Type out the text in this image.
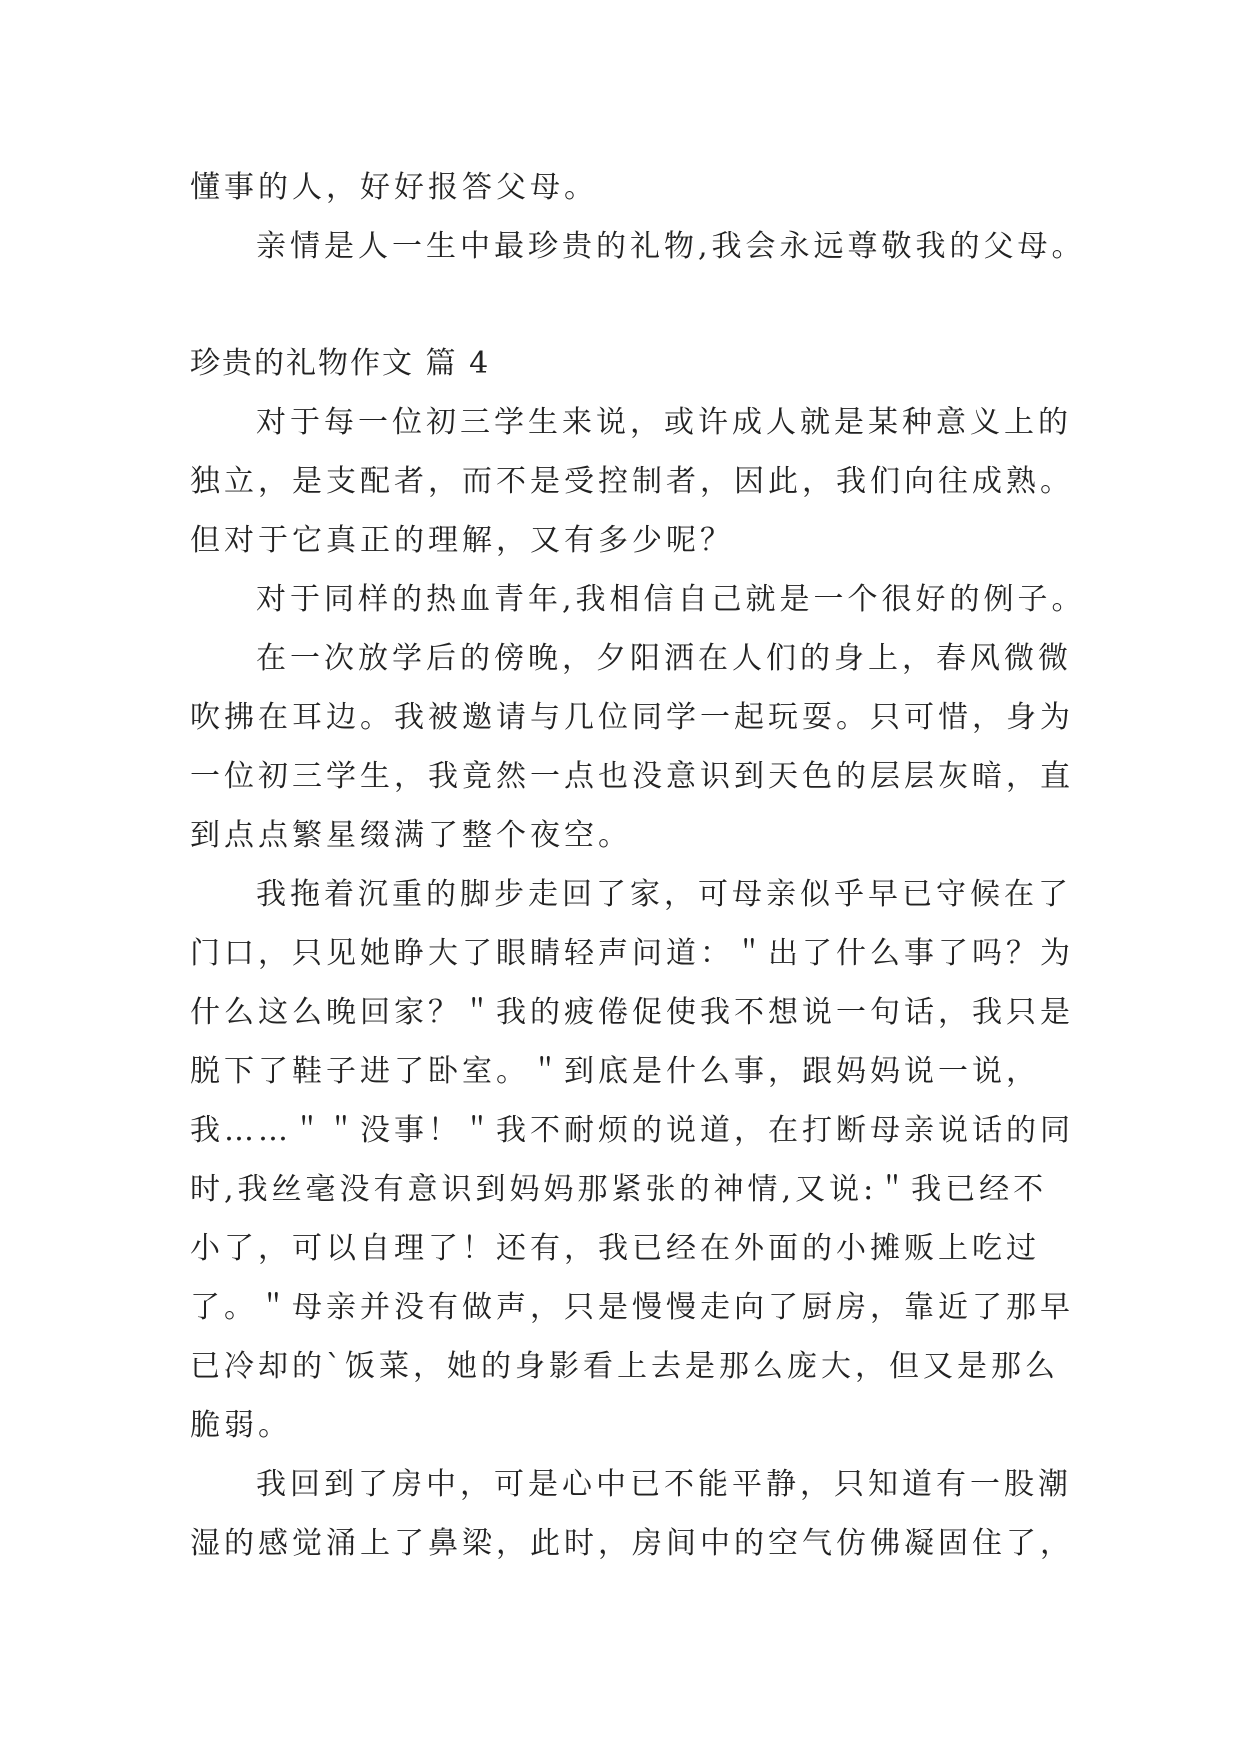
懂事的人，好好报答父母。
亲情是人一生中最珍贵的礼物,我会永远尊敬我的父母。
珍贵的礼物作文 篇 4
对于每一位初三学生来说，或许成人就是某种意义上的
独立，是支配者，而不是受控制者，因此，我们向往成熟。
但对于它真正的理解，又有多少呢？
对于同样的热血青年,我相信自己就是一个很好的例子。
在一次放学后的傍晚，夕阳洒在人们的身上，春风微微
吹拂在耳边。我被邀请与几位同学一起玩耍。只可惜，身为
一位初三学生，我竟然一点也没意识到天色的层层灰暗，直
到点点繁星缀满了整个夜空。
我拖着沉重的脚步走回了家，可母亲似乎早已守候在了
门口，只见她睁大了眼睛轻声问道：＂出了什么事了吗？为
什么这么晚回家？＂我的疲倦促使我不想说一句话，我只是
脱下了鞋子进了卧室。＂到底是什么事，跟妈妈说一说，
我……＂＂没事！＂我不耐烦的说道，在打断母亲说话的同
时,我丝毫没有意识到妈妈那紧张的神情,又说:＂我已经不
小了，可以自理了！还有，我已经在外面的小摊贩上吃过
了。＂母亲并没有做声，只是慢慢走向了厨房，靠近了那早
已冷却的`饭菜，她的身影看上去是那么庞大，但又是那么
脆弱。
我回到了房中，可是心中已不能平静，只知道有一股潮
湿的感觉涌上了鼻梁，此时，房间中的空气仿佛凝固住了，
